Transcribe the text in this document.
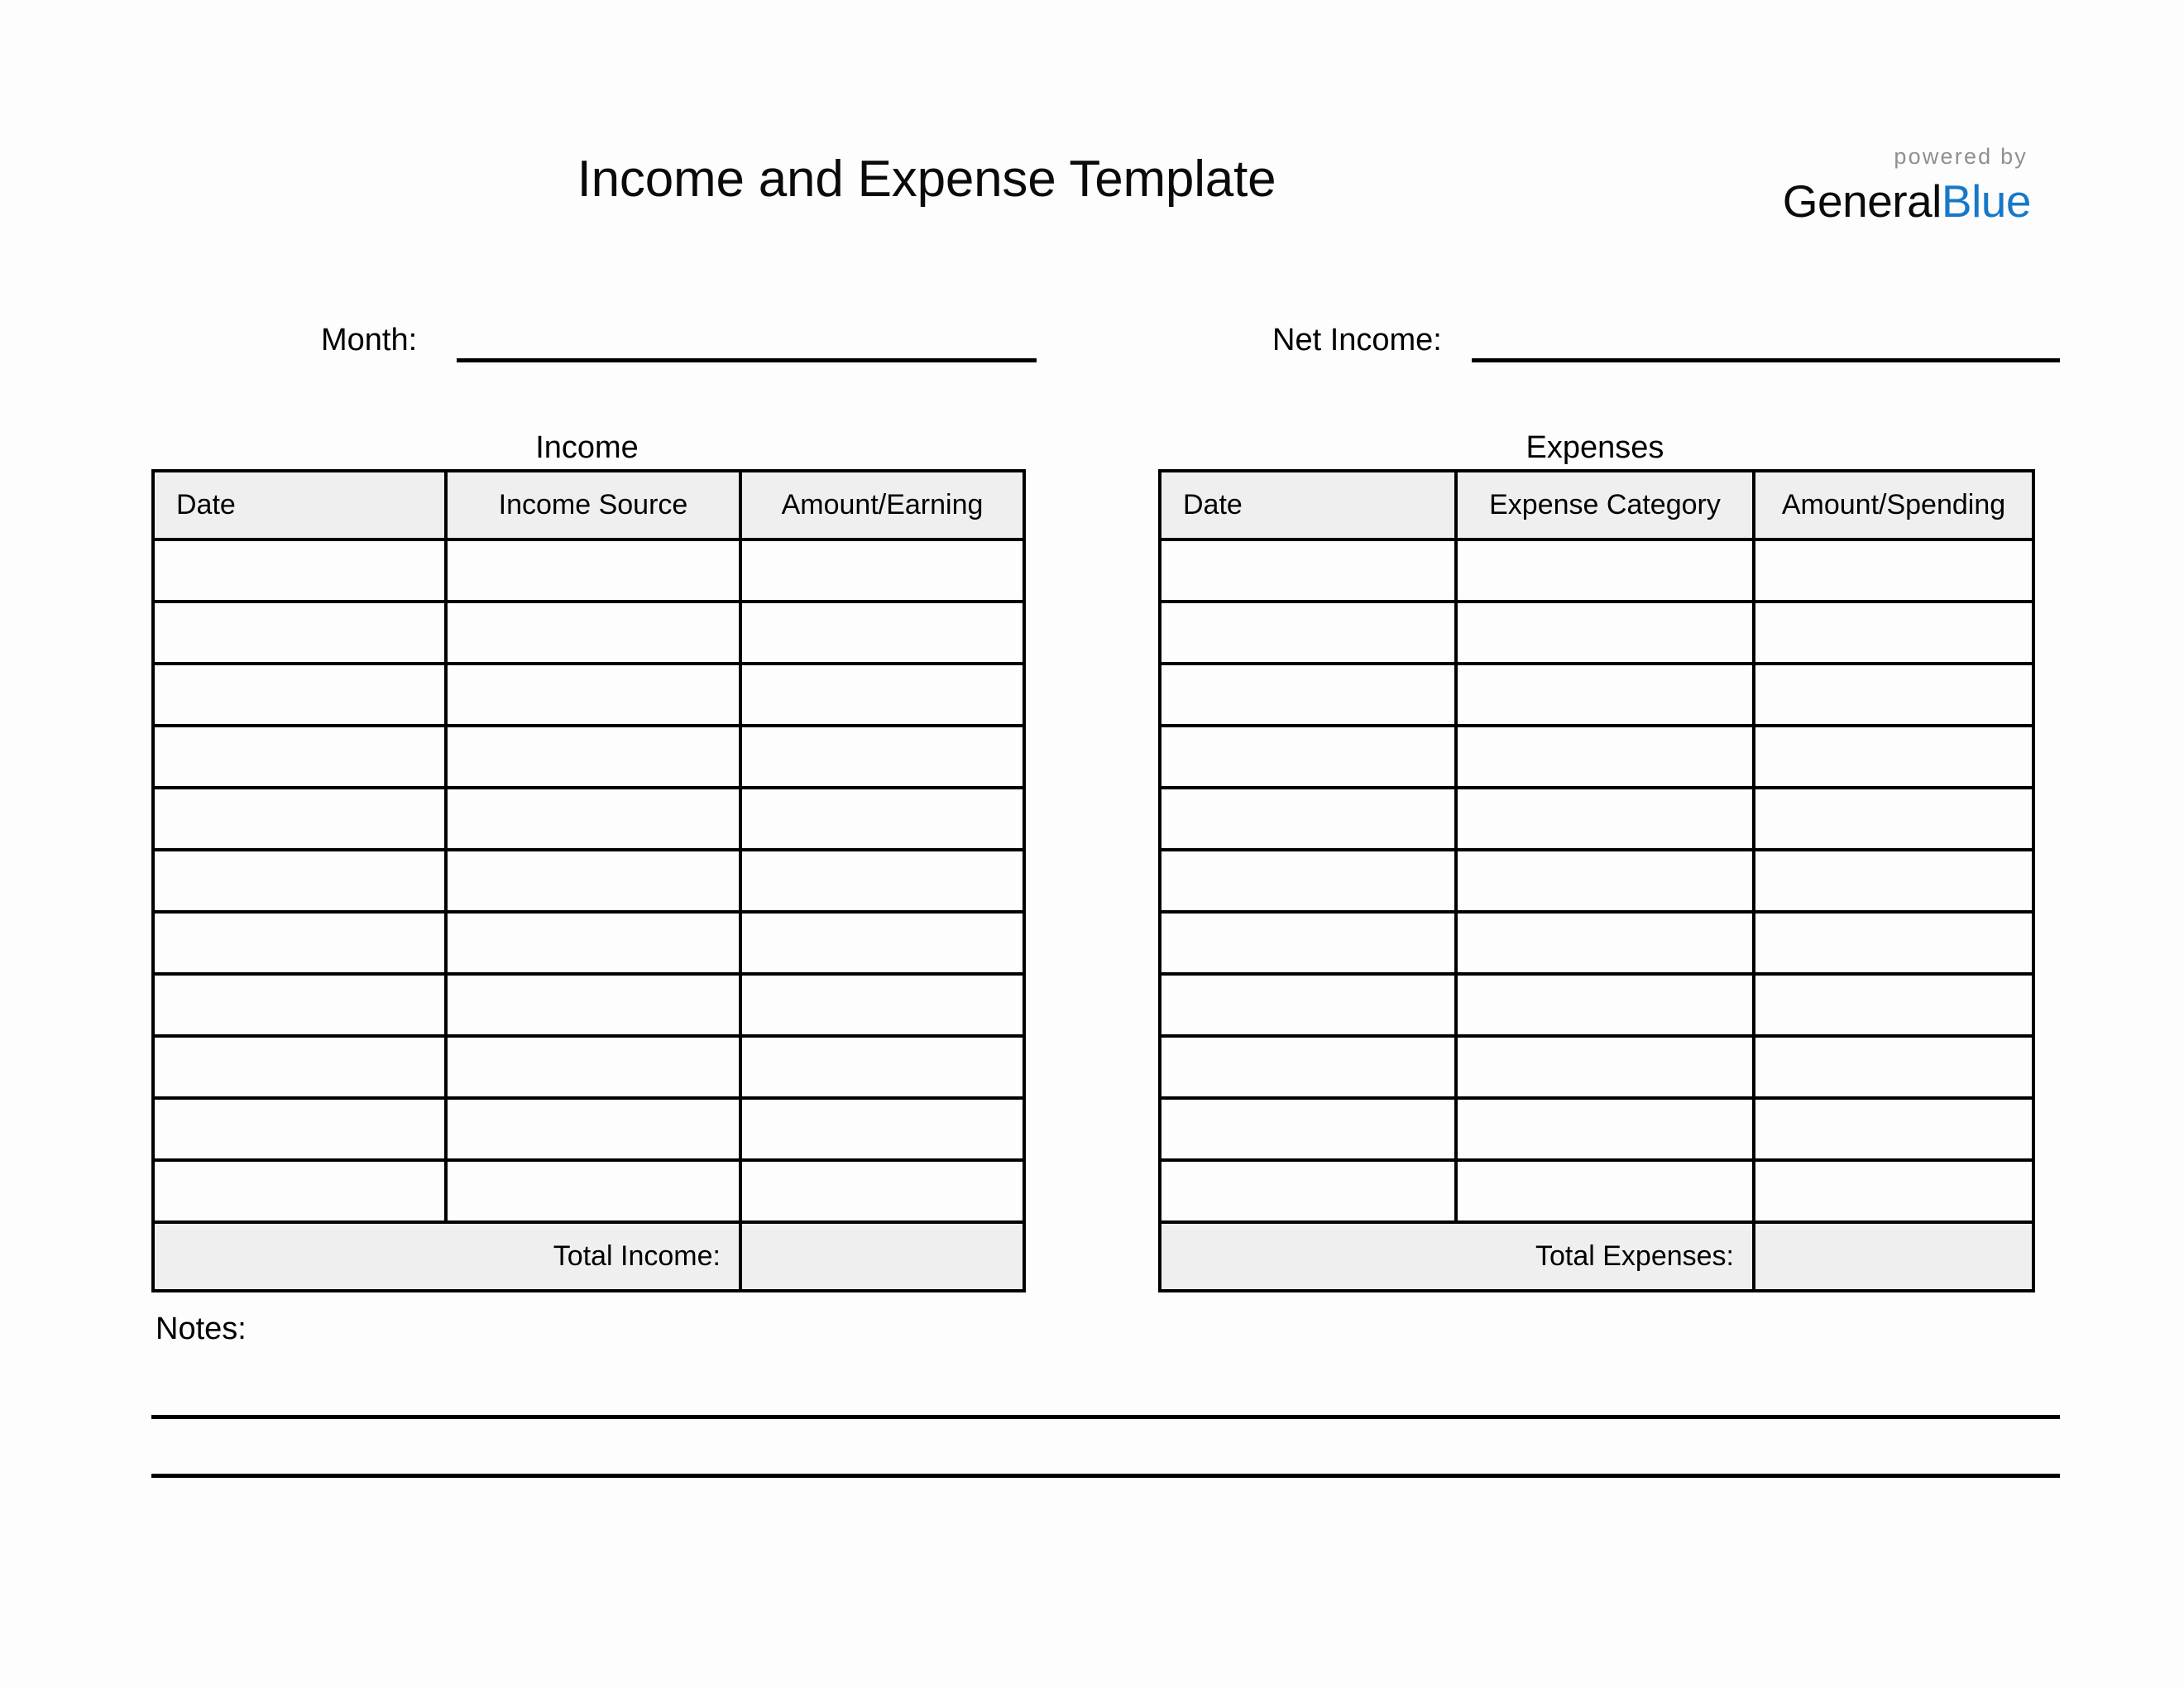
Income and Expense Template	powered by
GeneralBlue
Month:	Net Income:
Income
Date	Income Source	Amount/Earning

Total Income:		
Expenses
Date	Expense Category	Amount/Spending

Total Expenses:		
Notes:
